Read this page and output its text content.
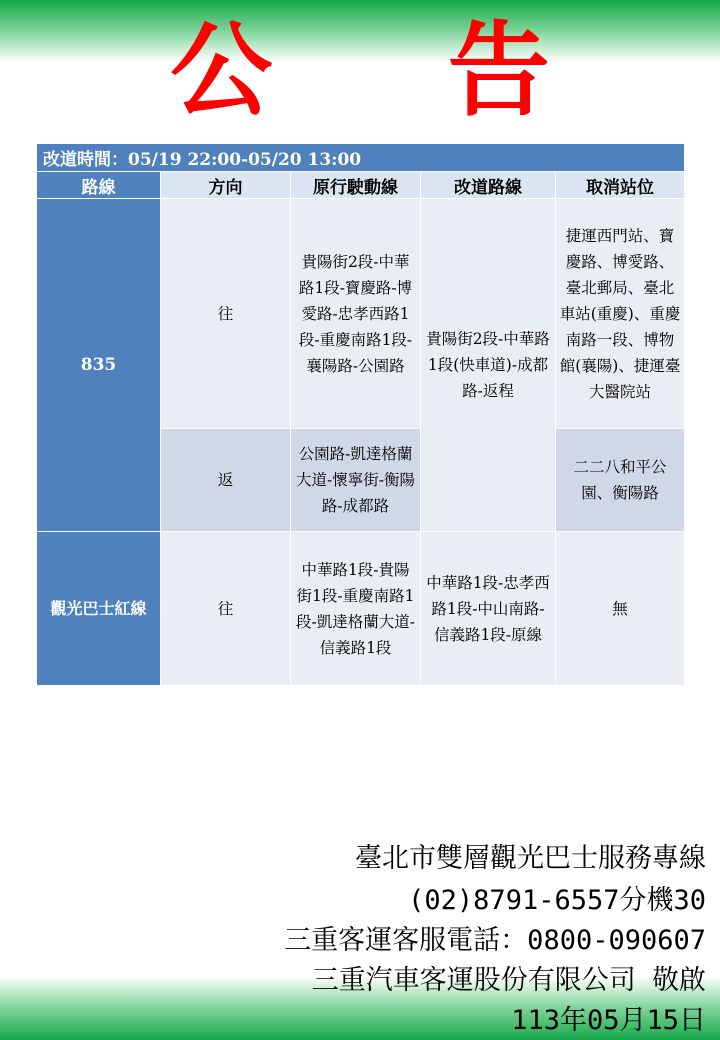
公 告
改道時間：05/19 22:00-05/20 13:00				
路線	方向	原行駛動線	改道路線	取消站位
835	往	貴陽街2段-中華路1段-寶慶路-博愛路-忠孝西路1段-重慶南路1段-襄陽路-公園路	貴陽街2段-中華路1段(快車道)-成都路-返程	捷運西門站、寶慶路、博愛路、臺北郵局、臺北車站(重慶)、重慶南路一段、博物館(襄陽)、捷運臺大醫院站
	返	公園路-凱達格蘭大道-懷寧街-衡陽路-成都路		二二八和平公園、衡陽路
觀光巴士紅線	往	中華路1段-貴陽街1段-重慶南路1段-凱達格蘭大道-信義路1段	中華路1段-忠孝西路1段-中山南路-信義路1段-原線	無
臺北市雙層觀光巴士服務專線
(02)8791-6557分機30
三重客運客服電話：0800-090607
三重汽車客運股份有限公司 敬啟
113年05月15日
